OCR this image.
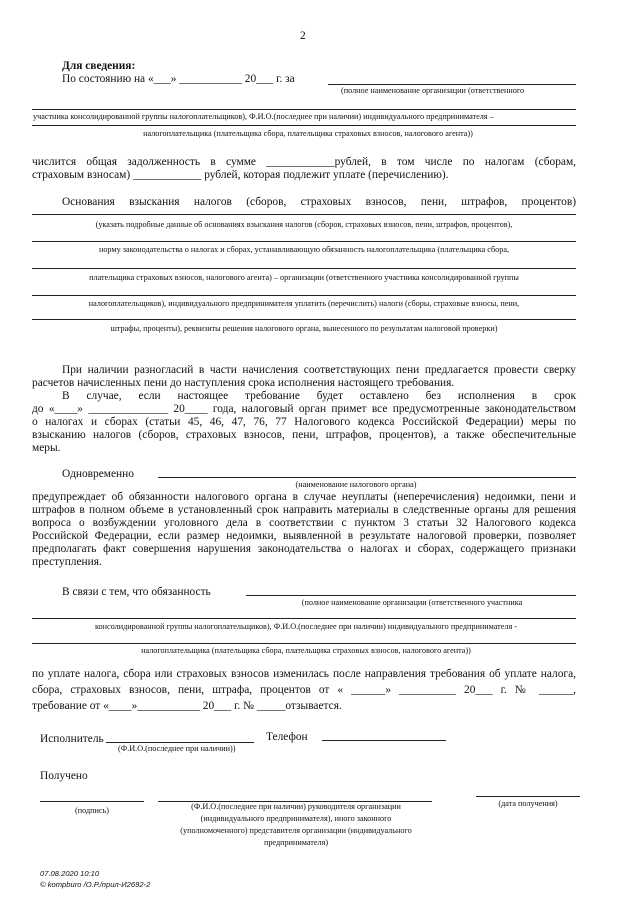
2
Для сведения:
По состоянию на «___» ___________ 20___ г. за
(полное наименование организации (ответственного
участника консолидированной группы налогоплательщиков), Ф.И.О.(последнее при наличии) индивидуального предпринимателя –
налогоплательщика (плательщика сбора, плательщика страховых взносов, налогового агента))
числится общая задолженность в сумме ____________рублей, в том числе по налогам (сборам,
страховым взносам) ____________ рублей, которая подлежит уплате (перечислению).
Основания взыскания налогов (сборов, страховых взносов, пени, штрафов, процентов)
(указать подробные данные об основаниях взыскания налогов (сборов, страховых взносов, пени, штрафов, процентов),
норму законодательства о налогах и сборах, устанавливающую обязанность налогоплательщика (плательщика сбора,
плательщика страховых взносов, налогового агента) – организации (ответственного участника консолидированной группы
налогоплательщиков), индивидуального предпринимателя уплатить (перечислить) налоги (сборы, страховые взносы, пени,
штрафы, проценты), реквизиты решения налогового органа, вынесенного по результатам налоговой проверки)
При наличии разногласий в части начисления соответствующих пени предлагается провести сверку
расчетов начисленных пени до наступления срока исполнения настоящего требования.
В случае, если настоящее требование будет оставлено без исполнения в срок
до «____» ______________ 20____ года, налоговый орган примет все предусмотренные законодательством
о налогах и сборах (статьи 45, 46, 47, 76, 77 Налогового кодекса Российской Федерации) меры по
взысканию налогов (сборов, страховых взносов, пени, штрафов, процентов), а также обеспечительные
меры.
Одновременно
(наименование налогового органа)
предупреждает об обязанности налогового органа в случае неуплаты (неперечисления) недоимки, пени и
штрафов в полном объеме в установленный срок направить материалы в следственные органы для решения
вопроса о возбуждении уголовного дела в соответствии с пунктом 3 статьи 32 Налогового кодекса
Российской Федерации, если размер недоимки, выявленной в результате налоговой проверки, позволяет
предполагать факт совершения нарушения законодательства о налогах и сборах, содержащего признаки
преступления.
В связи с тем, что обязанность
(полное наименование организации (ответственного участника
консолидированной группы налогоплательщиков), Ф.И.О.(последнее при наличии) индивидуального предпринимателя -
налогоплательщика (плательщика сбора, плательщика страховых взносов, налогового агента))
по уплате налога, сбора или страховых взносов изменилась после направления требования об уплате налога,
сбора, страховых взносов, пени, штрафа, процентов от « ______» __________ 20___ г. № ______,
требование от «____»___________ 20___ г. № _____отзывается.
Исполнитель	Телефон
(Ф.И.О.(последнее при наличии))
Получено
(подпись)	(Ф.И.О.(последнее при наличии) руководителя организации
(индивидуального предпринимателя), иного законного
(уполномоченного) представителя организации (индивидуального
предпринимателя)
(дата получения)
07.08.2020 10:10
© kompburo /О.Р./прил-И2692-2
